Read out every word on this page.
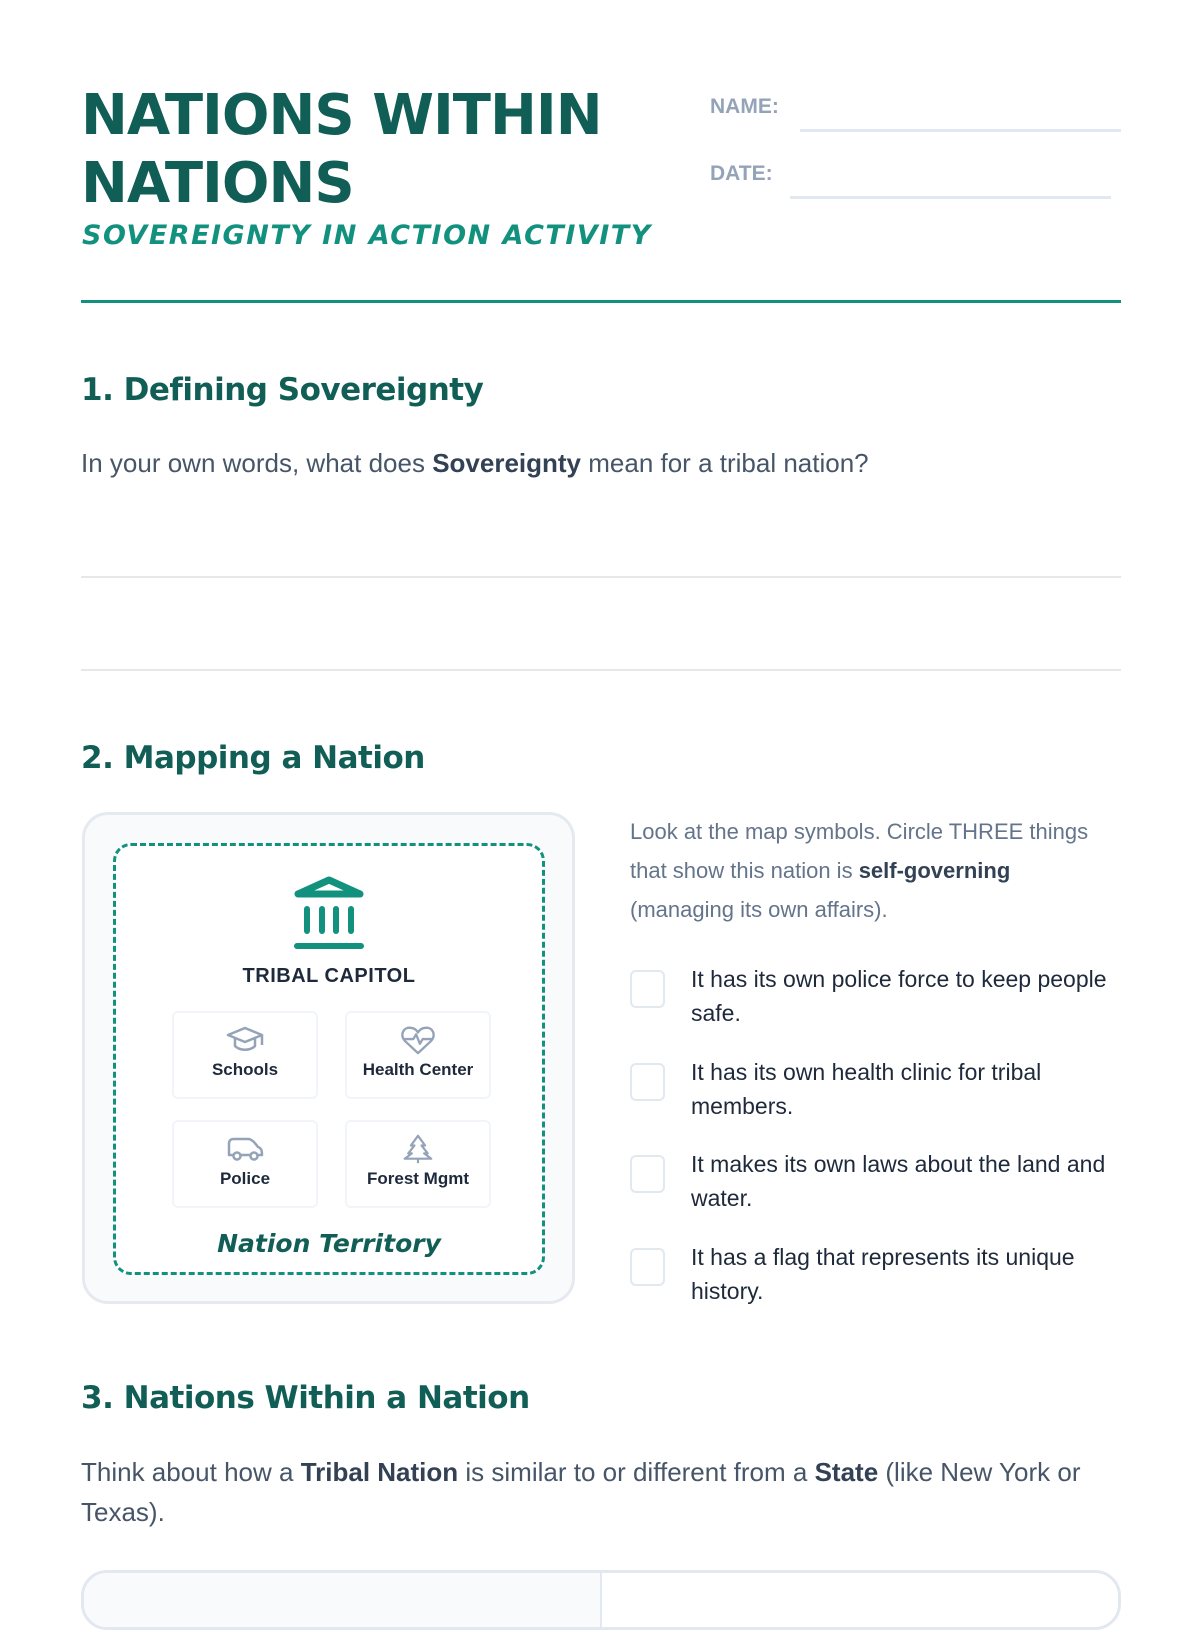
NATIONS WITHIN
NATIONS
SOVEREIGNTY IN ACTION ACTIVITY
NAME:
DATE:
1. Defining Sovereignty
In your own words, what does Sovereignty mean for a tribal nation?
2. Mapping a Nation
TRIBAL CAPITOL
Schools	Health Center
Police	Forest Mgmt
Nation Territory
Look at the map symbols. Circle THREE things that show this nation is self-governing (managing its own affairs).
It has its own police force to keep people safe.
It has its own health clinic for tribal members.
It makes its own laws about the land and water.
It has a flag that represents its unique history.
3. Nations Within a Nation
Think about how a Tribal Nation is similar to or different from a State (like New York or Texas).
